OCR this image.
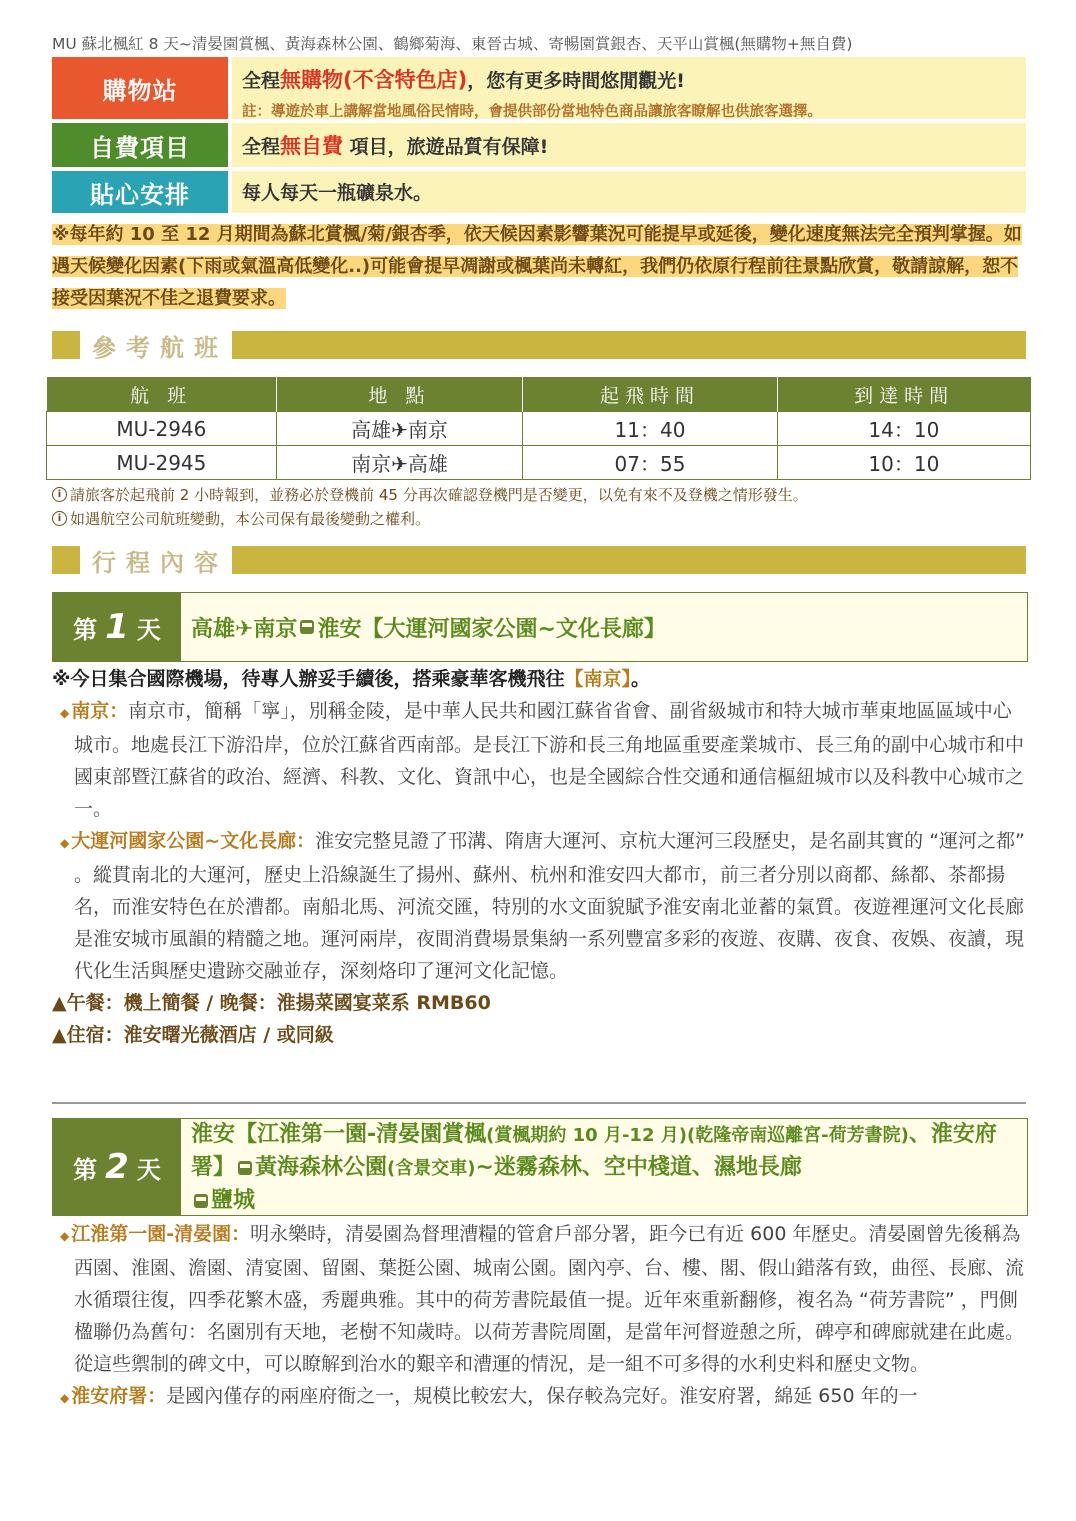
MU 蘇北楓紅 8 天~清晏園賞楓、黃海森林公園、鶴鄉菊海、東晉古城、寄暢園賞銀杏、天平山賞楓(無購物+無自費)
購物站	全程無購物(不含特色店)，您有更多時間悠閒觀光!
註：導遊於車上講解當地風俗民情時，會提供部份當地特色商品讓旅客瞭解也供旅客選擇。
自費項目	全程無自費 項目，旅遊品質有保障!
貼心安排	每人每天一瓶礦泉水。
※每年約 10 至 12 月期間為蘇北賞楓/菊/銀杏季，依天候因素影響葉況可能提早或延後，變化速度無法完全預判掌握。如遇天候變化因素(下雨或氣溫高低變化..)可能會提早凋謝或楓葉尚未轉紅，我們仍依原行程前往景點欣賞，敬請諒解，恕不接受因葉況不佳之退費要求。
參考航班
航 班	地 點	起飛時間	到達時間
MU-2946	高雄✈南京	11：40	14：10
MU-2945	南京✈高雄	07：55	10：10
i 請旅客於起飛前 2 小時報到，並務必於登機前 45 分再次確認登機門是否變更，以免有來不及登機之情形發生。
i 如遇航空公司航班變動，本公司保有最後變動之權利。
行程內容
第 1 天 高雄✈南京 淮安【大運河國家公園~文化長廊】

※今日集合國際機場，待專人辦妥手續後，搭乘豪華客機飛往【南京】。

◆ 南京：南京市，簡稱「寧」，別稱金陵，是中華人民共和國江蘇省省會、副省級城市和特大城市華東地區區域中心城市。地處長江下游沿岸，位於江蘇省西南部。是長江下游和長三角地區重要產業城市、長三角的副中心城市和中國東部暨江蘇省的政治、經濟、科教、文化、資訊中心，也是全國綜合性交通和通信樞紐城市以及科教中心城市之一。

◆ 大運河國家公園~文化長廊：淮安完整見證了邗溝、隋唐大運河、京杭大運河三段歷史，是名副其實的 “運河之都” 。縱貫南北的大運河，歷史上沿線誕生了揚州、蘇州、杭州和淮安四大都市，前三者分別以商都、絲都、茶都揚名，而淮安特色在於漕都。南船北馬、河流交匯，特別的水文面貌賦予淮安南北並蓄的氣質。夜遊裡運河文化長廊是淮安城市風韻的精髓之地。運河兩岸，夜間消費場景集納一系列豐富多彩的夜遊、夜購、夜食、夜娛、夜讀，現代化生活與歷史遺跡交融並存，深刻烙印了運河文化記憶。

▲午餐：機上簡餐 / 晚餐：淮揚菜國宴菜系 RMB60

▲住宿：淮安曙光薇酒店 / 或同級

第 2 天
淮安【江淮第一園-清晏園賞楓(賞楓期約 10 月-12 月)(乾隆帝南巡離宮-荷芳書院)、淮安府署】 黃海森林公園(含景交車)~迷霧森林、空中棧道、濕地長廊
鹽城

◆ 江淮第一園-清晏園：明永樂時，清晏園為督理漕糧的管倉戶部分署，距今已有近 600 年歷史。清晏園曾先後稱為西園、淮園、澹園、清宴園、留園、葉挺公園、城南公園。園內亭、台、樓、閣、假山錯落有致，曲徑、長廊、流水循環往復，四季花繁木盛，秀麗典雅。其中的荷芳書院最值一提。近年來重新翻修，複名為 “荷芳書院” ，門側楹聯仍為舊句：名園別有天地，老樹不知歲時。以荷芳書院周圍，是當年河督遊憩之所，碑亭和碑廊就建在此處。從這些禦制的碑文中，可以瞭解到治水的艱辛和漕運的情況，是一組不可多得的水利史料和歷史文物。

◆ 淮安府署：是國內僅存的兩座府衙之一，規模比較宏大，保存較為完好。淮安府署，綿延 650 年的一
